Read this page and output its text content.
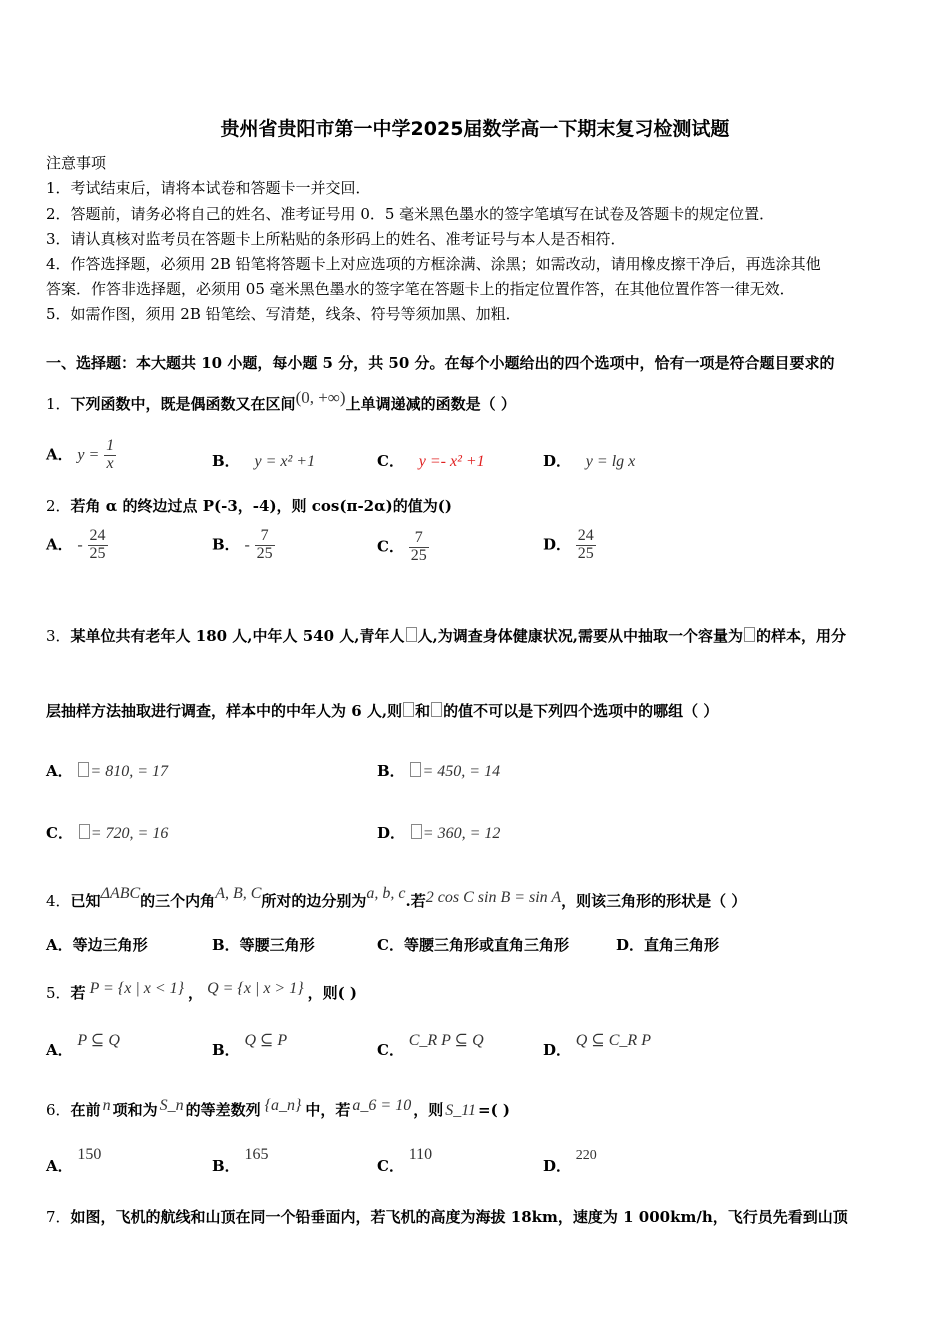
贵州省贵阳市第一中学2025届数学高一下期末复习检测试题
注意事项
1．考试结束后，请将本试卷和答题卡一并交回．
2．答题前，请务必将自己的姓名、准考证号用 0．5 毫米黑色墨水的签字笔填写在试卷及答题卡的规定位置．
3．请认真核对监考员在答题卡上所粘贴的条形码上的姓名、准考证号与本人是否相符．
4．作答选择题，必须用 2B 铅笔将答题卡上对应选项的方框涂满、涂黑；如需改动，请用橡皮擦干净后，再选涂其他
答案．作答非选择题，必须用 05 毫米黑色墨水的签字笔在答题卡上的指定位置作答，在其他位置作答一律无效．
5．如需作图，须用 2B 铅笔绘、写清楚，线条、符号等须加黑、加粗．
一、选择题：本大题共 10 小题，每小题 5 分，共 50 分。在每个小题给出的四个选项中，恰有一项是符合题目要求的
1．下列函数中，既是偶函数又在区间(0, +∞)上单调递减的函数是（ ）
A． $y = \frac{1}{x}$	B． y = x² +1	C． y =- x² +1	D． y = lg x
2．若角 α 的终边过点 P(-3，-4)，则 cos(π-2α)的值为()
A． - $\frac{24}{25}$	B． - $\frac{7}{25}$	C． $\frac{7}{25}$	D． $\frac{24}{25}$
3．某单位共有老年人 180 人,中年人 540 人,青年人 人,为调查身体健康状况,需要从中抽取一个容量为 的样本，用分
层抽样方法抽取进行调查，样本中的中年人为 6 人,则 和 的值不可以是下列四个选项中的哪组（ ）
A． = 810, = 17	B． = 450, = 14
C． = 720, = 16	D． = 360, = 12
4．已知ΔABC的三个内角A, B, C所对的边分别为a, b, c.若2 cos C sin B = sin A，则该三角形的形状是（ ）
A．等边三角形	B．等腰三角形	C．等腰三角形或直角三角形	D．直角三角形
5．若 P = {x | x < 1} ， Q = {x | x > 1} ，则( )
A． P ⊆ Q
B． Q ⊆ P
C． C_R P ⊆ Q
D． Q ⊆ C_R P
6．在前 n 项和为 S_n 的等差数列 {a_n} 中，若 a_6 = 10 ，则 S_11 =( )
A． 150
B． 165
C． 110
D． 220
7．如图，飞机的航线和山顶在同一个铅垂面内，若飞机的高度为海拔 18km，速度为 1 000km/h，飞行员先看到山顶
